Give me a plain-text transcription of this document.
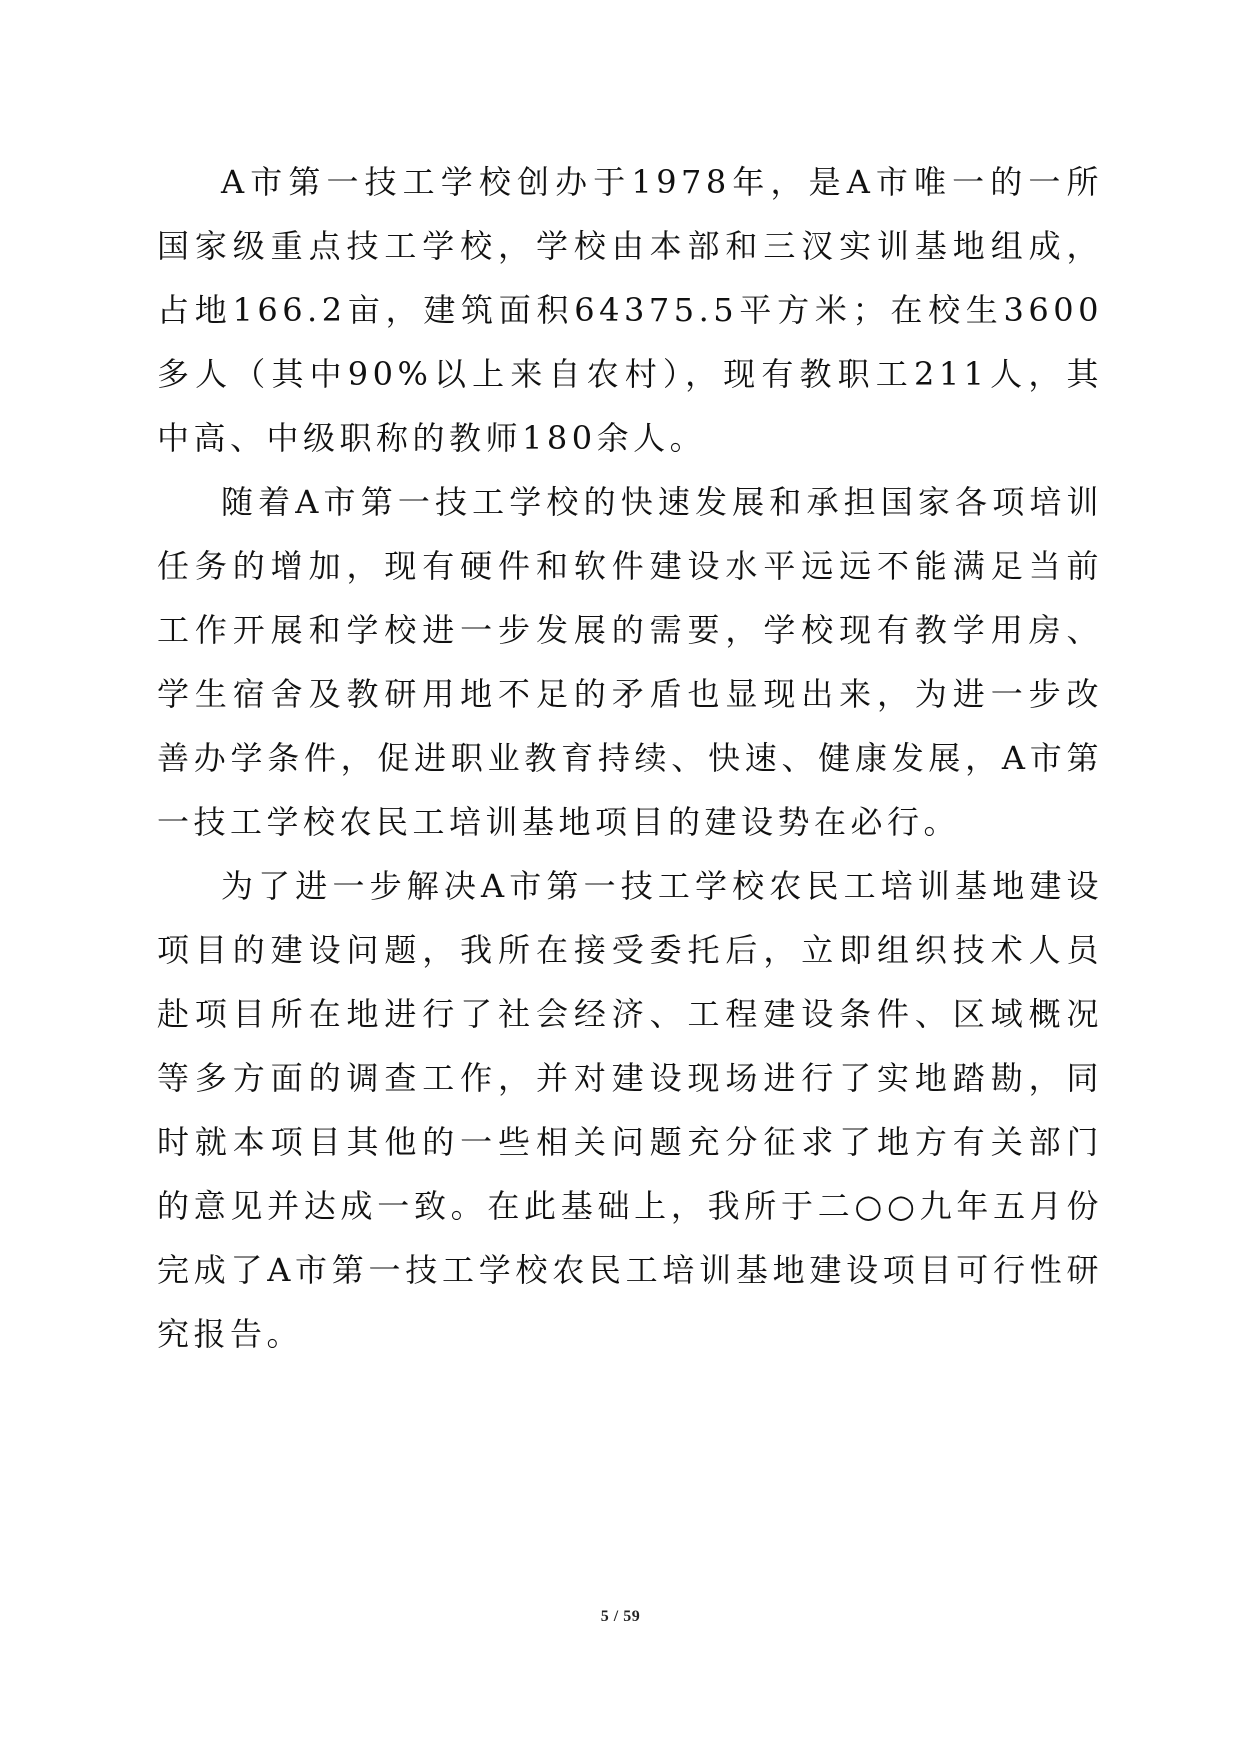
A市第一技工学校创办于1978年，是A市唯一的一所国家级重点技工学校，学校由本部和三汊实训基地组成，占地166.2亩，建筑面积64375.5平方米；在校生3600多人（其中90%以上来自农村），现有教职工211人，其中高、中级职称的教师180余人。

随着A市第一技工学校的快速发展和承担国家各项培训任务的增加，现有硬件和软件建设水平远远不能满足当前工作开展和学校进一步发展的需要，学校现有教学用房、学生宿舍及教研用地不足的矛盾也显现出来，为进一步改善办学条件，促进职业教育持续、快速、健康发展，A市第一技工学校农民工培训基地项目的建设势在必行。

为了进一步解决A市第一技工学校农民工培训基地建设项目的建设问题，我所在接受委托后，立即组织技术人员赴项目所在地进行了社会经济、工程建设条件、区域概况等多方面的调查工作，并对建设现场进行了实地踏勘，同时就本项目其他的一些相关问题充分征求了地方有关部门的意见并达成一致。在此基础上，我所于二○○九年五月份完成了A市第一技工学校农民工培训基地建设项目可行性研究报告。

5 / 59
